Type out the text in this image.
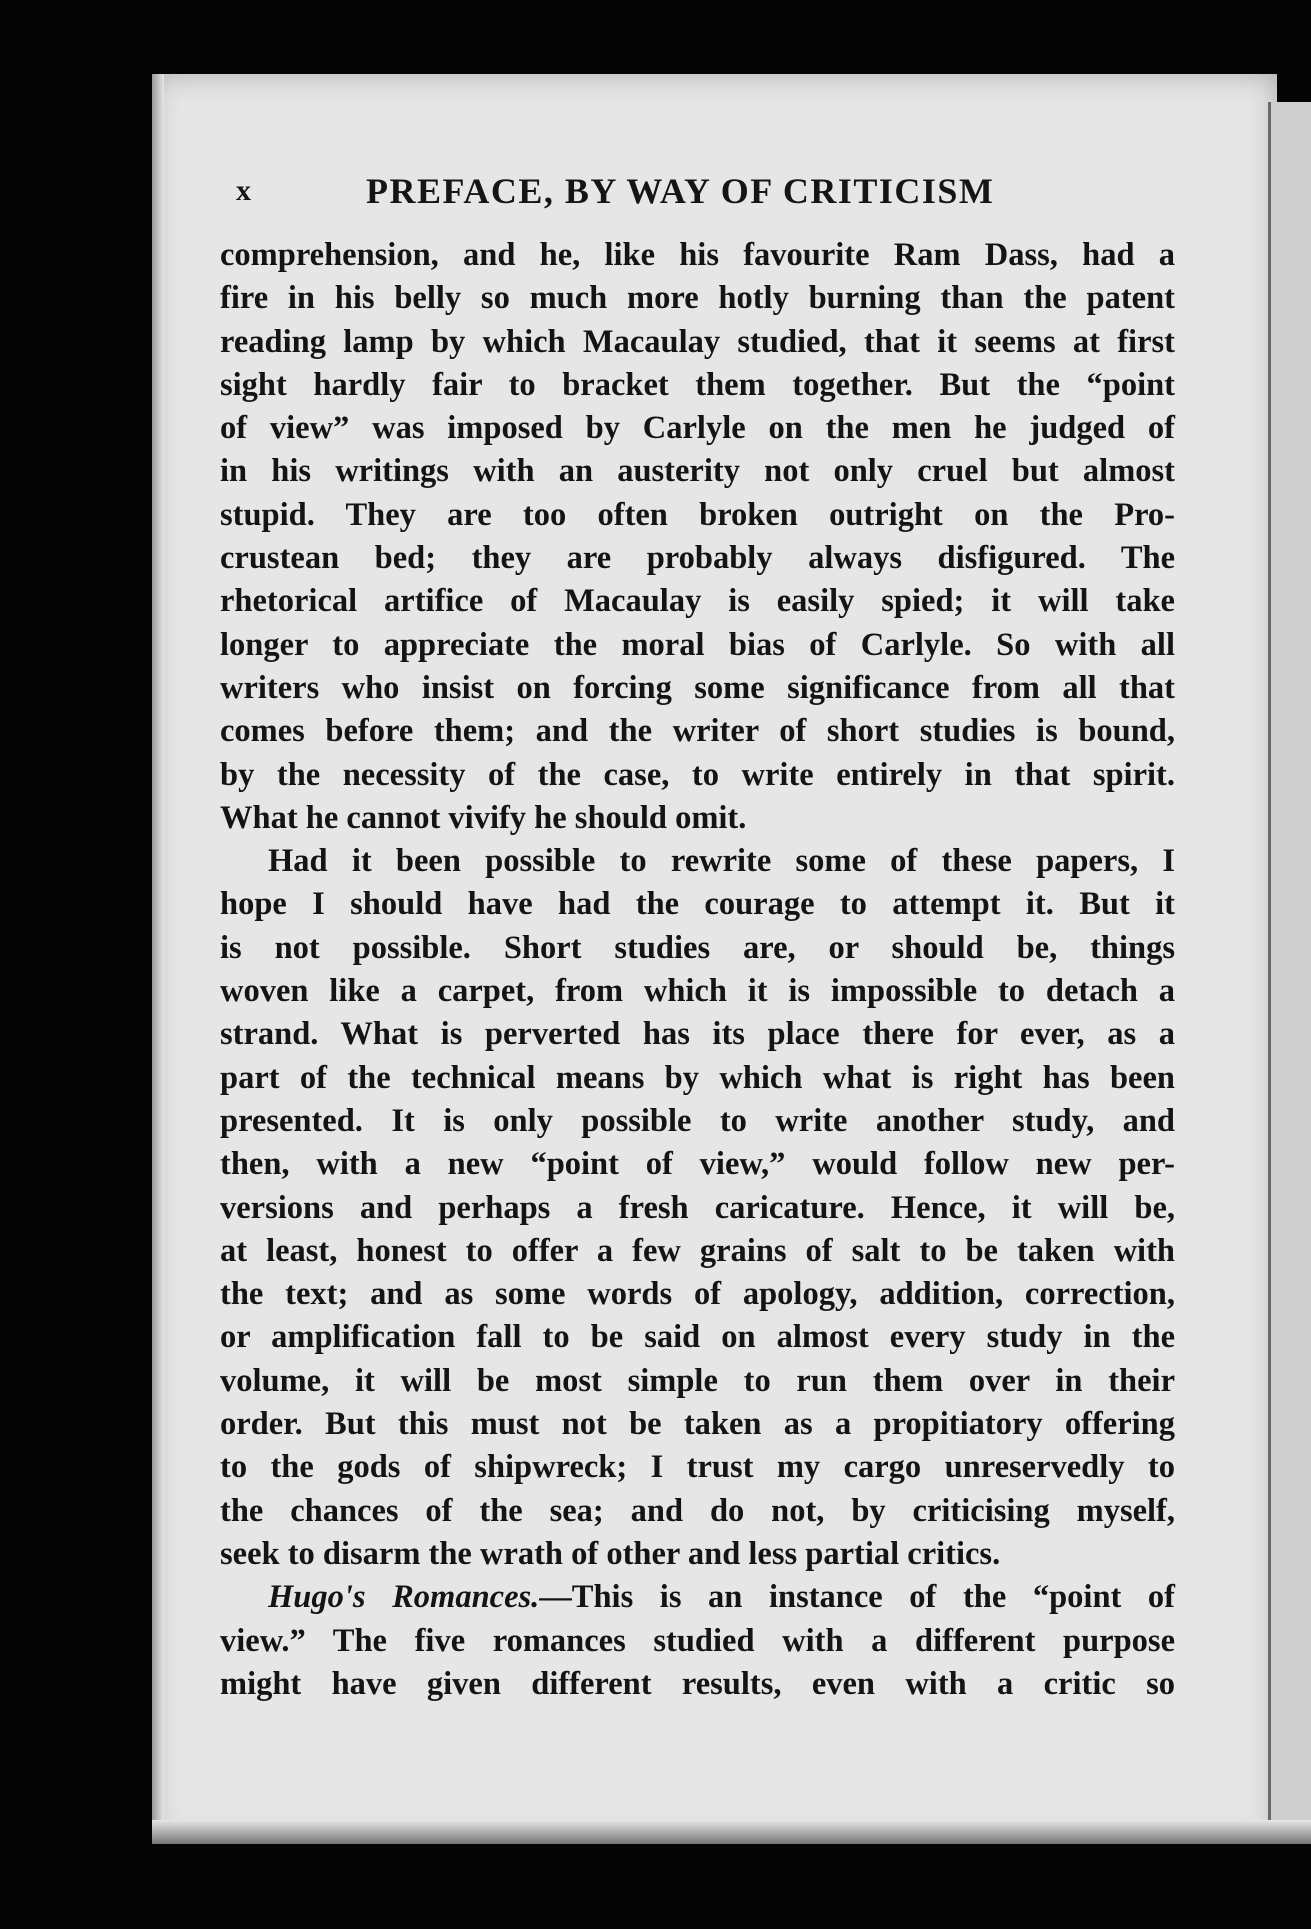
x	PREFACE, BY WAY OF CRITICISM
comprehension, and he, like his favourite Ram Dass, had a
fire in his belly so much more hotly burning than the patent
reading lamp by which Macaulay studied, that it seems at first
sight hardly fair to bracket them together. But the “point
of view” was imposed by Carlyle on the men he judged of
in his writings with an austerity not only cruel but almost
stupid. They are too often broken outright on the Pro-
crustean bed; they are probably always disfigured. The
rhetorical artifice of Macaulay is easily spied; it will take
longer to appreciate the moral bias of Carlyle. So with all
writers who insist on forcing some significance from all that
comes before them; and the writer of short studies is bound,
by the necessity of the case, to write entirely in that spirit.
What he cannot vivify he should omit.
Had it been possible to rewrite some of these papers, I
hope I should have had the courage to attempt it. But it
is not possible. Short studies are, or should be, things
woven like a carpet, from which it is impossible to detach a
strand. What is perverted has its place there for ever, as a
part of the technical means by which what is right has been
presented. It is only possible to write another study, and
then, with a new “point of view,” would follow new per-
versions and perhaps a fresh caricature. Hence, it will be,
at least, honest to offer a few grains of salt to be taken with
the text; and as some words of apology, addition, correction,
or amplification fall to be said on almost every study in the
volume, it will be most simple to run them over in their
order. But this must not be taken as a propitiatory offering
to the gods of shipwreck; I trust my cargo unreservedly to
the chances of the sea; and do not, by criticising myself,
seek to disarm the wrath of other and less partial critics.
Hugo's Romances.—This is an instance of the “point of
view.” The five romances studied with a different purpose
might have given different results, even with a critic so
